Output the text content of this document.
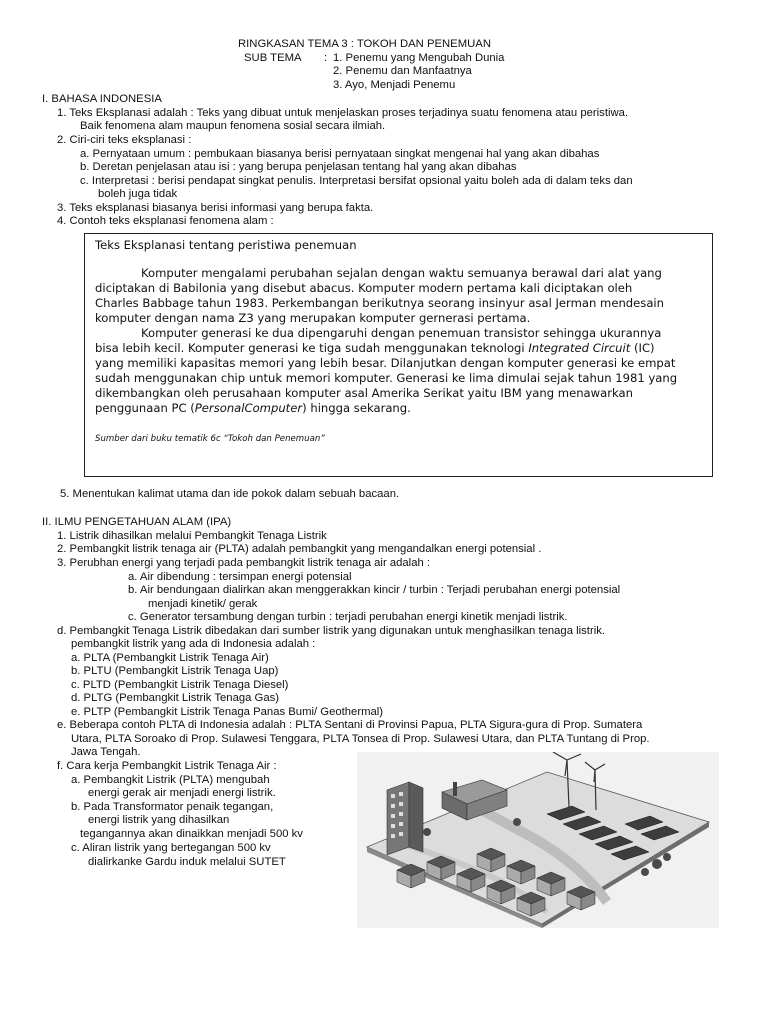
RINGKASAN TEMA 3 : TOKOH DAN PENEMUAN
SUB TEMA : 1. Penemu yang Mengubah Dunia
2. Penemu dan Manfaatnya
3. Ayo, Menjadi Penemu
I. BAHASA INDONESIA
1. Teks Eksplanasi adalah : Teks yang dibuat untuk menjelaskan proses terjadinya suatu fenomena atau peristiwa.
Baik fenomena alam maupun fenomena sosial secara ilmiah.
2. Ciri-ciri teks eksplanasi :
a. Pernyataan umum : pembukaan biasanya berisi pernyataan singkat mengenai hal yang akan dibahas
b. Deretan penjelasan atau isi : yang berupa penjelasan tentang hal yang akan dibahas
c. Interpretasi : berisi pendapat singkat penulis. Interpretasi bersifat opsional yaitu boleh ada di dalam teks dan
boleh juga tidak
3. Teks eksplanasi biasanya berisi informasi yang berupa fakta.
4. Contoh teks eksplanasi fenomena alam :
Teks Eksplanasi tentang peristiwa penemuan
Komputer mengalami perubahan sejalan dengan waktu semuanya berawal dari alat yang
diciptakan di Babilonia yang disebut abacus. Komputer modern pertama kali diciptakan oleh
Charles Babbage tahun 1983. Perkembangan berikutnya seorang insinyur asal Jerman mendesain
komputer dengan nama Z3 yang merupakan komputer gernerasi pertama.
Komputer generasi ke dua dipengaruhi dengan penemuan transistor sehingga ukurannya
bisa lebih kecil. Komputer generasi ke tiga sudah menggunakan teknologi Integrated Circuit (IC)
yang memiliki kapasitas memori yang lebih besar. Dilanjutkan dengan komputer generasi ke empat
sudah menggunakan chip untuk memori komputer. Generasi ke lima dimulai sejak tahun 1981 yang
dikembangkan oleh perusahaan komputer asal Amerika Serikat yaitu IBM yang menawarkan
penggunaan PC (PersonalComputer) hingga sekarang.
Sumber dari buku tematik 6c “Tokoh dan Penemuan”
5. Menentukan kalimat utama dan ide pokok dalam sebuah bacaan.
II. ILMU PENGETAHUAN ALAM (IPA)
1. Listrik dihasilkan melalui Pembangkit Tenaga Listrik
2. Pembangkit listrik tenaga air (PLTA) adalah pembangkit yang mengandalkan energi potensial .
3. Perubhan energi yang terjadi pada pembangkit listrik tenaga air adalah :
a. Air dibendung : tersimpan energi potensial
b. Air bendungaan dialirkan akan menggerakkan kincir / turbin : Terjadi perubahan energi potensial
menjadi kinetik/ gerak
c. Generator tersambung dengan turbin : terjadi perubahan energi kinetik menjadi listrik.
d. Pembangkit Tenaga Listrik dibedakan dari sumber listrik yang digunakan untuk menghasilkan tenaga listrik.
pembangkit listrik yang ada di Indonesia adalah :
a. PLTA (Pembangkit Listrik Tenaga Air)
b. PLTU (Pembangkit Listrik Tenaga Uap)
c. PLTD (Pembangkit Listrik Tenaga Diesel)
d. PLTG (Pembangkit Listrik Tenaga Gas)
e. PLTP (Pembangkit Listrik Tenaga Panas Bumi/ Geothermal)
e. Beberapa contoh PLTA di Indonesia adalah : PLTA Sentani di Provinsi Papua, PLTA Sigura-gura di Prop. Sumatera
Utara, PLTA Soroako di Prop. Sulawesi Tenggara, PLTA Tonsea di Prop. Sulawesi Utara, dan PLTA Tuntang di Prop.
Jawa Tengah.
f. Cara kerja Pembangkit Listrik Tenaga Air :
a. Pembangkit Listrik (PLTA) mengubah
energi gerak air menjadi energi listrik.
b. Pada Transformator penaik tegangan,
energi listrik yang dihasilkan
tegangannya akan dinaikkan menjadi 500 kv
c. Aliran listrik yang bertegangan 500 kv
dialirkanke Gardu induk melalui SUTET
